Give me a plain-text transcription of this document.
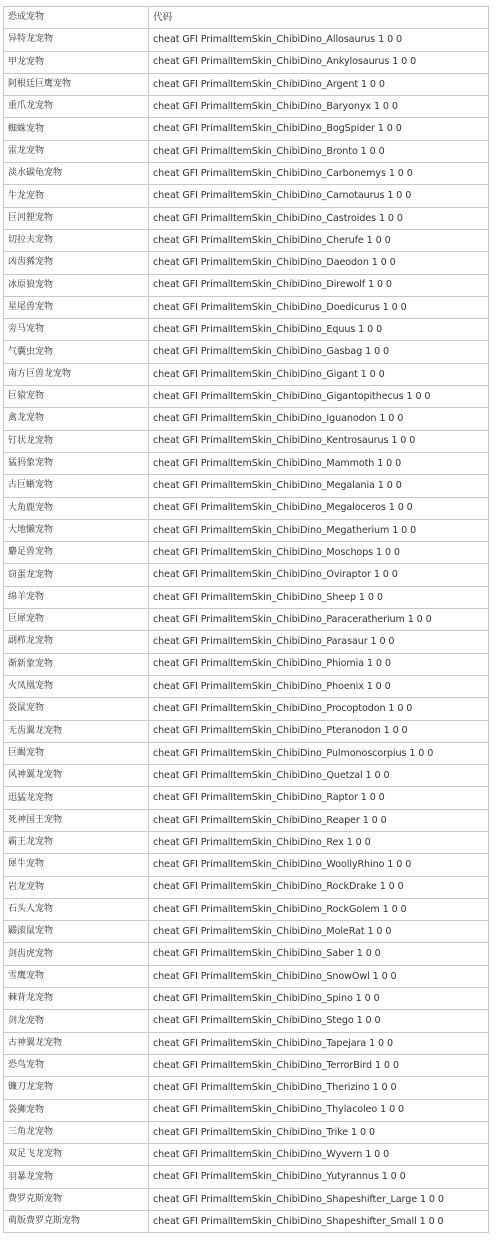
恐成宠物	代码
异特龙宠物	cheat GFI PrimalItemSkin_ChibiDino_Allosaurus 1 0 0
甲龙宠物	cheat GFI PrimalItemSkin_ChibiDino_Ankylosaurus 1 0 0
阿根廷巨鹰宠物	cheat GFI PrimalItemSkin_ChibiDino_Argent 1 0 0
重爪龙宠物	cheat GFI PrimalItemSkin_ChibiDino_Baryonyx 1 0 0
蜘蛛宠物	cheat GFI PrimalItemSkin_ChibiDino_BogSpider 1 0 0
雷龙宠物	cheat GFI PrimalItemSkin_ChibiDino_Bronto 1 0 0
淡水碳龟宠物	cheat GFI PrimalItemSkin_ChibiDino_Carbonemys 1 0 0
牛龙宠物	cheat GFI PrimalItemSkin_ChibiDino_Carnotaurus 1 0 0
巨河狸宠物	cheat GFI PrimalItemSkin_ChibiDino_Castroides 1 0 0
切拉夫宠物	cheat GFI PrimalItemSkin_ChibiDino_Cherufe 1 0 0
凶齿豨宠物	cheat GFI PrimalItemSkin_ChibiDino_Daeodon 1 0 0
冰原狼宠物	cheat GFI PrimalItemSkin_ChibiDino_Direwolf 1 0 0
星尾兽宠物	cheat GFI PrimalItemSkin_ChibiDino_Doedicurus 1 0 0
旁马宠物	cheat GFI PrimalItemSkin_ChibiDino_Equus 1 0 0
气囊虫宠物	cheat GFI PrimalItemSkin_ChibiDino_Gasbag 1 0 0
南方巨兽龙宠物	cheat GFI PrimalItemSkin_ChibiDino_Gigant 1 0 0
巨猿宠物	cheat GFI PrimalItemSkin_ChibiDino_Gigantopithecus 1 0 0
禽龙宠物	cheat GFI PrimalItemSkin_ChibiDino_Iguanodon 1 0 0
钉状龙宠物	cheat GFI PrimalItemSkin_ChibiDino_Kentrosaurus 1 0 0
猛犸象宠物	cheat GFI PrimalItemSkin_ChibiDino_Mammoth 1 0 0
古巨蜥宠物	cheat GFI PrimalItemSkin_ChibiDino_Megalania 1 0 0
大角鹿宠物	cheat GFI PrimalItemSkin_ChibiDino_Megaloceros 1 0 0
大地懒宠物	cheat GFI PrimalItemSkin_ChibiDino_Megatherium 1 0 0
麝足兽宠物	cheat GFI PrimalItemSkin_ChibiDino_Moschops 1 0 0
窃蛋龙宠物	cheat GFI PrimalItemSkin_ChibiDino_Oviraptor 1 0 0
绵羊宠物	cheat GFI PrimalItemSkin_ChibiDino_Sheep 1 0 0
巨犀宠物	cheat GFI PrimalItemSkin_ChibiDino_Paraceratherium 1 0 0
副栉龙宠物	cheat GFI PrimalItemSkin_ChibiDino_Parasaur 1 0 0
渐新象宠物	cheat GFI PrimalItemSkin_ChibiDino_Phiomia 1 0 0
火凤凰宠物	cheat GFI PrimalItemSkin_ChibiDino_Phoenix 1 0 0
袋鼠宠物	cheat GFI PrimalItemSkin_ChibiDino_Procoptodon 1 0 0
无齿翼龙宠物	cheat GFI PrimalItemSkin_ChibiDino_Pteranodon 1 0 0
巨蝎宠物	cheat GFI PrimalItemSkin_ChibiDino_Pulmonoscorpius 1 0 0
风神翼龙宠物	cheat GFI PrimalItemSkin_ChibiDino_Quetzal 1 0 0
迅猛龙宠物	cheat GFI PrimalItemSkin_ChibiDino_Raptor 1 0 0
死神国王宠物	cheat GFI PrimalItemSkin_ChibiDino_Reaper 1 0 0
霸王龙宠物	cheat GFI PrimalItemSkin_ChibiDino_Rex 1 0 0
犀牛宠物	cheat GFI PrimalItemSkin_ChibiDino_WoollyRhino 1 0 0
岩龙宠物	cheat GFI PrimalItemSkin_ChibiDino_RockDrake 1 0 0
石头人宠物	cheat GFI PrimalItemSkin_ChibiDino_RockGolem 1 0 0
鼹滚鼠宠物	cheat GFI PrimalItemSkin_ChibiDino_MoleRat 1 0 0
剑齿虎宠物	cheat GFI PrimalItemSkin_ChibiDino_Saber 1 0 0
雪鹰宠物	cheat GFI PrimalItemSkin_ChibiDino_SnowOwl 1 0 0
棘背龙宠物	cheat GFI PrimalItemSkin_ChibiDino_Spino 1 0 0
剑龙宠物	cheat GFI PrimalItemSkin_ChibiDino_Stego 1 0 0
古神翼龙宠物	cheat GFI PrimalItemSkin_ChibiDino_Tapejara 1 0 0
恐鸟宠物	cheat GFI PrimalItemSkin_ChibiDino_TerrorBird 1 0 0
镰刀龙宠物	cheat GFI PrimalItemSkin_ChibiDino_Therizino 1 0 0
袋狮宠物	cheat GFI PrimalItemSkin_ChibiDino_Thylacoleo 1 0 0
三角龙宠物	cheat GFI PrimalItemSkin_ChibiDino_Trike 1 0 0
双足飞龙宠物	cheat GFI PrimalItemSkin_ChibiDino_Wyvern 1 0 0
羽暴龙宠物	cheat GFI PrimalItemSkin_ChibiDino_Yutyrannus 1 0 0
费罗克斯宠物	cheat GFI PrimalItemSkin_ChibiDino_Shapeshifter_Large 1 0 0
萌版费罗克斯宠物	cheat GFI PrimalItemSkin_ChibiDino_Shapeshifter_Small 1 0 0
